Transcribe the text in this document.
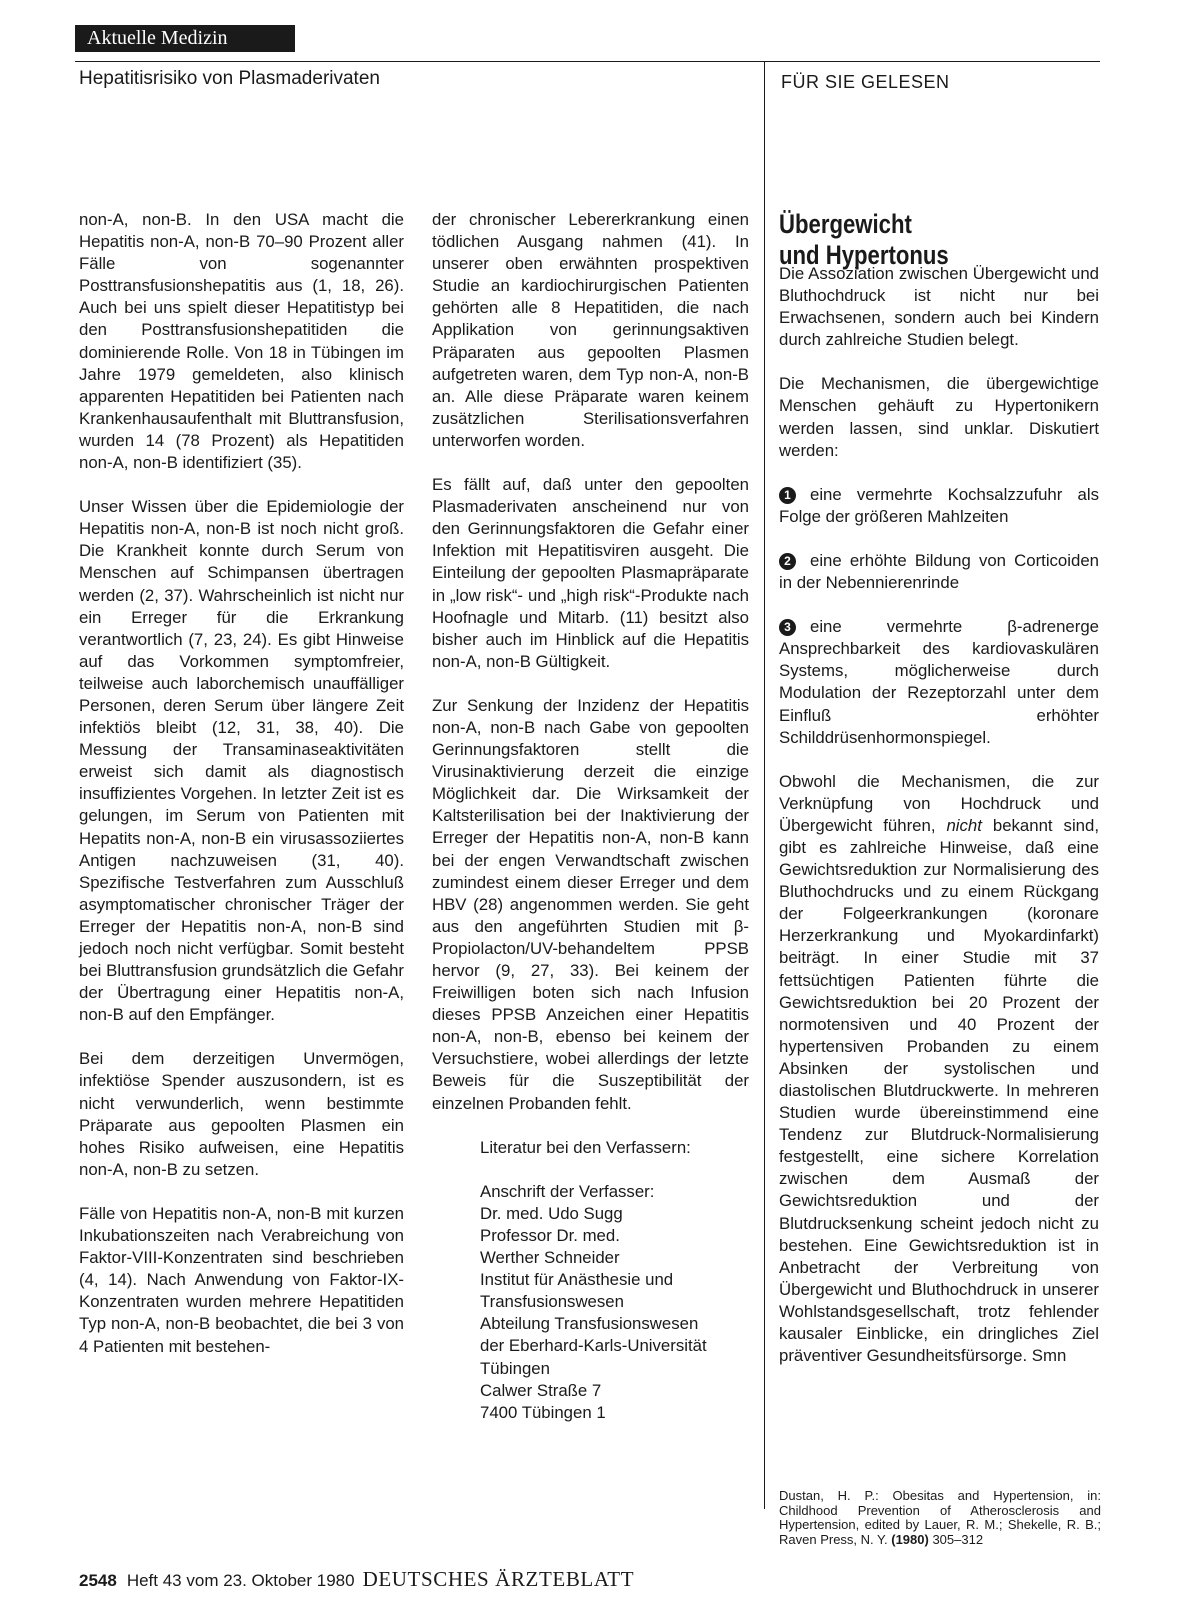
Aktuelle Medizin
Hepatitisrisiko von Plasmaderivaten	FÜR SIE GELESEN

non-A, non-B. In den USA macht die Hepatitis non-A, non-B 70–90 Prozent aller Fälle von sogenannter Posttransfusionshepatitis aus (1, 18, 26). Auch bei uns spielt dieser Hepatitistyp bei den Posttransfusionshepatitiden die dominierende Rolle. Von 18 in Tübingen im Jahre 1979 gemeldeten, also klinisch apparenten Hepatitiden bei Patienten nach Krankenhausaufenthalt mit Bluttransfusion, wurden 14 (78 Prozent) als Hepatitiden non-A, non-B identifiziert (35).

Unser Wissen über die Epidemiologie der Hepatitis non-A, non-B ist noch nicht groß. Die Krankheit konnte durch Serum von Menschen auf Schimpansen übertragen werden (2, 37). Wahrscheinlich ist nicht nur ein Erreger für die Erkrankung verantwortlich (7, 23, 24). Es gibt Hinweise auf das Vorkommen symptomfreier, teilweise auch laborchemisch unauffälliger Personen, deren Serum über längere Zeit infektiös bleibt (12, 31, 38, 40). Die Messung der Transaminaseaktivitäten erweist sich damit als diagnostisch insuffizientes Vorgehen. In letzter Zeit ist es gelungen, im Serum von Patienten mit Hepatits non-A, non-B ein virusassoziiertes Antigen nachzuweisen (31, 40). Spezifische Testverfahren zum Ausschluß asymptomatischer chronischer Träger der Erreger der Hepatitis non-A, non-B sind jedoch noch nicht verfügbar. Somit besteht bei Bluttransfusion grundsätzlich die Gefahr der Übertragung einer Hepatitis non-A, non-B auf den Empfänger.

Bei dem derzeitigen Unvermögen, infektiöse Spender auszusondern, ist es nicht verwunderlich, wenn bestimmte Präparate aus gepoolten Plasmen ein hohes Risiko aufweisen, eine Hepatitis non-A, non-B zu setzen.

Fälle von Hepatitis non-A, non-B mit kurzen Inkubationszeiten nach Verabreichung von Faktor-VIII-Konzentraten sind beschrieben (4, 14). Nach Anwendung von Faktor-IX-Konzentraten wurden mehrere Hepatitiden Typ non-A, non-B beobachtet, die bei 3 von 4 Patienten mit bestehen-

der chronischer Lebererkrankung einen tödlichen Ausgang nahmen (41). In unserer oben erwähnten prospektiven Studie an kardiochirurgischen Patienten gehörten alle 8 Hepatitiden, die nach Applikation von gerinnungsaktiven Präparaten aus gepoolten Plasmen aufgetreten waren, dem Typ non-A, non-B an. Alle diese Präparate waren keinem zusätzlichen Sterilisationsverfahren unterworfen worden.

Es fällt auf, daß unter den gepoolten Plasmaderivaten anscheinend nur von den Gerinnungsfaktoren die Gefahr einer Infektion mit Hepatitisviren ausgeht. Die Einteilung der gepoolten Plasmapräparate in „low risk“- und „high risk“-Produkte nach Hoofnagle und Mitarb. (11) besitzt also bisher auch im Hinblick auf die Hepatitis non-A, non-B Gültigkeit.

Zur Senkung der Inzidenz der Hepatitis non-A, non-B nach Gabe von gepoolten Gerinnungsfaktoren stellt die Virusinaktivierung derzeit die einzige Möglichkeit dar. Die Wirksamkeit der Kaltsterilisation bei der Inaktivierung der Erreger der Hepatitis non-A, non-B kann bei der engen Verwandtschaft zwischen zumindest einem dieser Erreger und dem HBV (28) angenommen werden. Sie geht aus den angeführten Studien mit β-Propiolacton/UV-behandeltem PPSB hervor (9, 27, 33). Bei keinem der Freiwilligen boten sich nach Infusion dieses PPSB Anzeichen einer Hepatitis non-A, non-B, ebenso bei keinem der Versuchstiere, wobei allerdings der letzte Beweis für die Suszeptibilität der einzelnen Probanden fehlt.

Literatur bei den Verfassern:

Anschrift der Verfasser:
Dr. med. Udo Sugg
Professor Dr. med.
Werther Schneider
Institut für Anästhesie und
Transfusionswesen
Abteilung Transfusionswesen
der Eberhard-Karls-Universität
Tübingen
Calwer Straße 7
7400 Tübingen 1
Übergewicht
und Hypertonus

Die Assoziation zwischen Übergewicht und Bluthochdruck ist nicht nur bei Erwachsenen, sondern auch bei Kindern durch zahlreiche Studien belegt.

Die Mechanismen, die übergewichtige Menschen gehäuft zu Hypertonikern werden lassen, sind unklar. Diskutiert werden:

1 eine vermehrte Kochsalzzufuhr als Folge der größeren Mahlzeiten

2 eine erhöhte Bildung von Corticoiden in der Nebennierenrinde

3 eine vermehrte β-adrenerge Ansprechbarkeit des kardiovaskulären Systems, möglicherweise durch Modulation der Rezeptorzahl unter dem Einfluß erhöhter Schilddrüsenhormonspiegel.

Obwohl die Mechanismen, die zur Verknüpfung von Hochdruck und Übergewicht führen, nicht bekannt sind, gibt es zahlreiche Hinweise, daß eine Gewichtsreduktion zur Normalisierung des Bluthochdrucks und zu einem Rückgang der Folgeerkrankungen (koronare Herzerkrankung und Myokardinfarkt) beiträgt. In einer Studie mit 37 fettsüchtigen Patienten führte die Gewichtsreduktion bei 20 Prozent der normotensiven und 40 Prozent der hypertensiven Probanden zu einem Absinken der systolischen und diastolischen Blutdruckwerte. In mehreren Studien wurde übereinstimmend eine Tendenz zur Blutdruck-Normalisierung festgestellt, eine sichere Korrelation zwischen dem Ausmaß der Gewichtsreduktion und der Blutdrucksenkung scheint jedoch nicht zu bestehen. Eine Gewichtsreduktion ist in Anbetracht der Verbreitung von Übergewicht und Bluthochdruck in unserer Wohlstandsgesellschaft, trotz fehlender kausaler Einblicke, ein dringliches Ziel präventiver Gesundheitsfürsorge. Smn

Dustan, H. P.: Obesitas and Hypertension, in: Childhood Prevention of Atherosclerosis and Hypertension, edited by Lauer, R. M.; Shekelle, R. B.; Raven Press, N. Y. (1980) 305–312
2548 Heft 43 vom 23. Oktober 1980 DEUTSCHES ÄRZTEBLATT
